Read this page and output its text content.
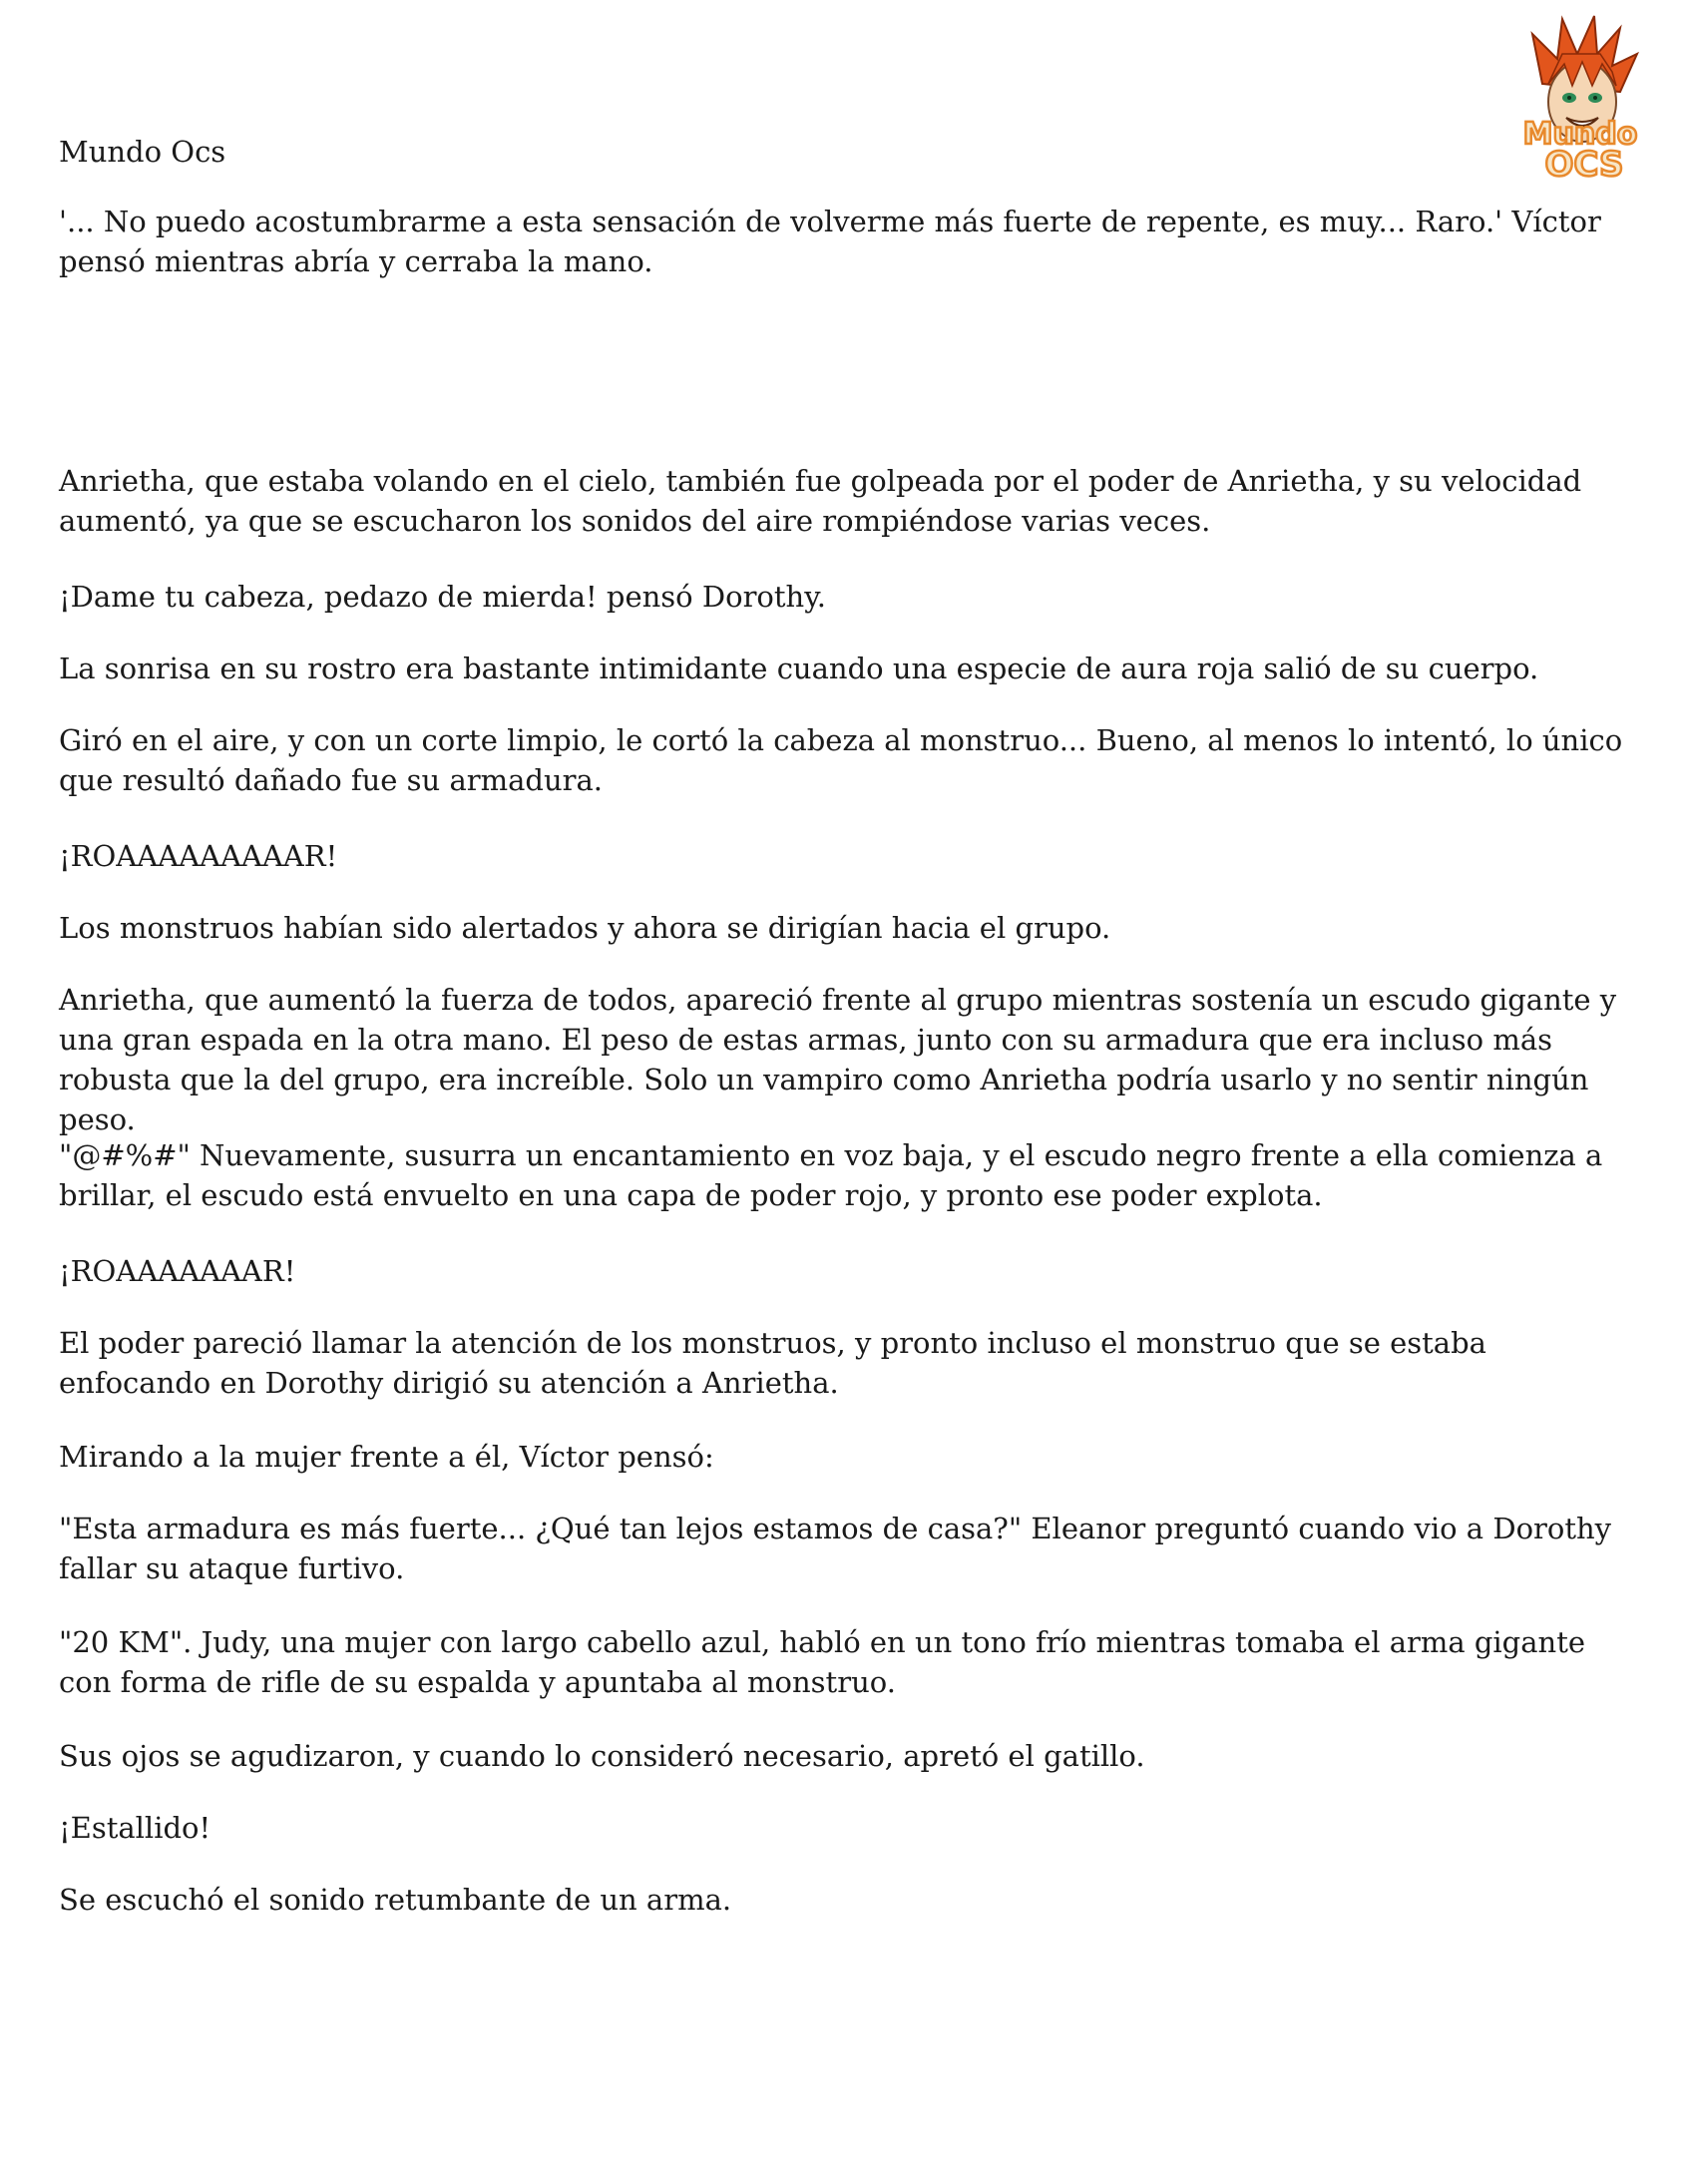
Mundo Ocs	Mundo
OCS

'... No puedo acostumbrarme a esta sensación de volverme más fuerte de repente, es muy... Raro.' Víctor pensó mientras abría y cerraba la mano.

Anrietha, que estaba volando en el cielo, también fue golpeada por el poder de Anrietha, y su velocidad aumentó, ya que se escucharon los sonidos del aire rompiéndose varias veces.

¡Dame tu cabeza, pedazo de mierda! pensó Dorothy.

La sonrisa en su rostro era bastante intimidante cuando una especie de aura roja salió de su cuerpo.

Giró en el aire, y con un corte limpio, le cortó la cabeza al monstruo... Bueno, al menos lo intentó, lo único que resultó dañado fue su armadura.

¡ROAAAAAAAAAR!

Los monstruos habían sido alertados y ahora se dirigían hacia el grupo.

Anrietha, que aumentó la fuerza de todos, apareció frente al grupo mientras sostenía un escudo gigante y una gran espada en la otra mano. El peso de estas armas, junto con su armadura que era incluso más robusta que la del grupo, era increíble. Solo un vampiro como Anrietha podría usarlo y no sentir ningún peso.

"@#%#" Nuevamente, susurra un encantamiento en voz baja, y el escudo negro frente a ella comienza a brillar, el escudo está envuelto en una capa de poder rojo, y pronto ese poder explota.

¡ROAAAAAAAR!

El poder pareció llamar la atención de los monstruos, y pronto incluso el monstruo que se estaba enfocando en Dorothy dirigió su atención a Anrietha.

Mirando a la mujer frente a él, Víctor pensó:

"Esta armadura es más fuerte... ¿Qué tan lejos estamos de casa?" Eleanor preguntó cuando vio a Dorothy fallar su ataque furtivo.

"20 KM". Judy, una mujer con largo cabello azul, habló en un tono frío mientras tomaba el arma gigante con forma de rifle de su espalda y apuntaba al monstruo.

Sus ojos se agudizaron, y cuando lo consideró necesario, apretó el gatillo.

¡Estallido!

Se escuchó el sonido retumbante de un arma.
